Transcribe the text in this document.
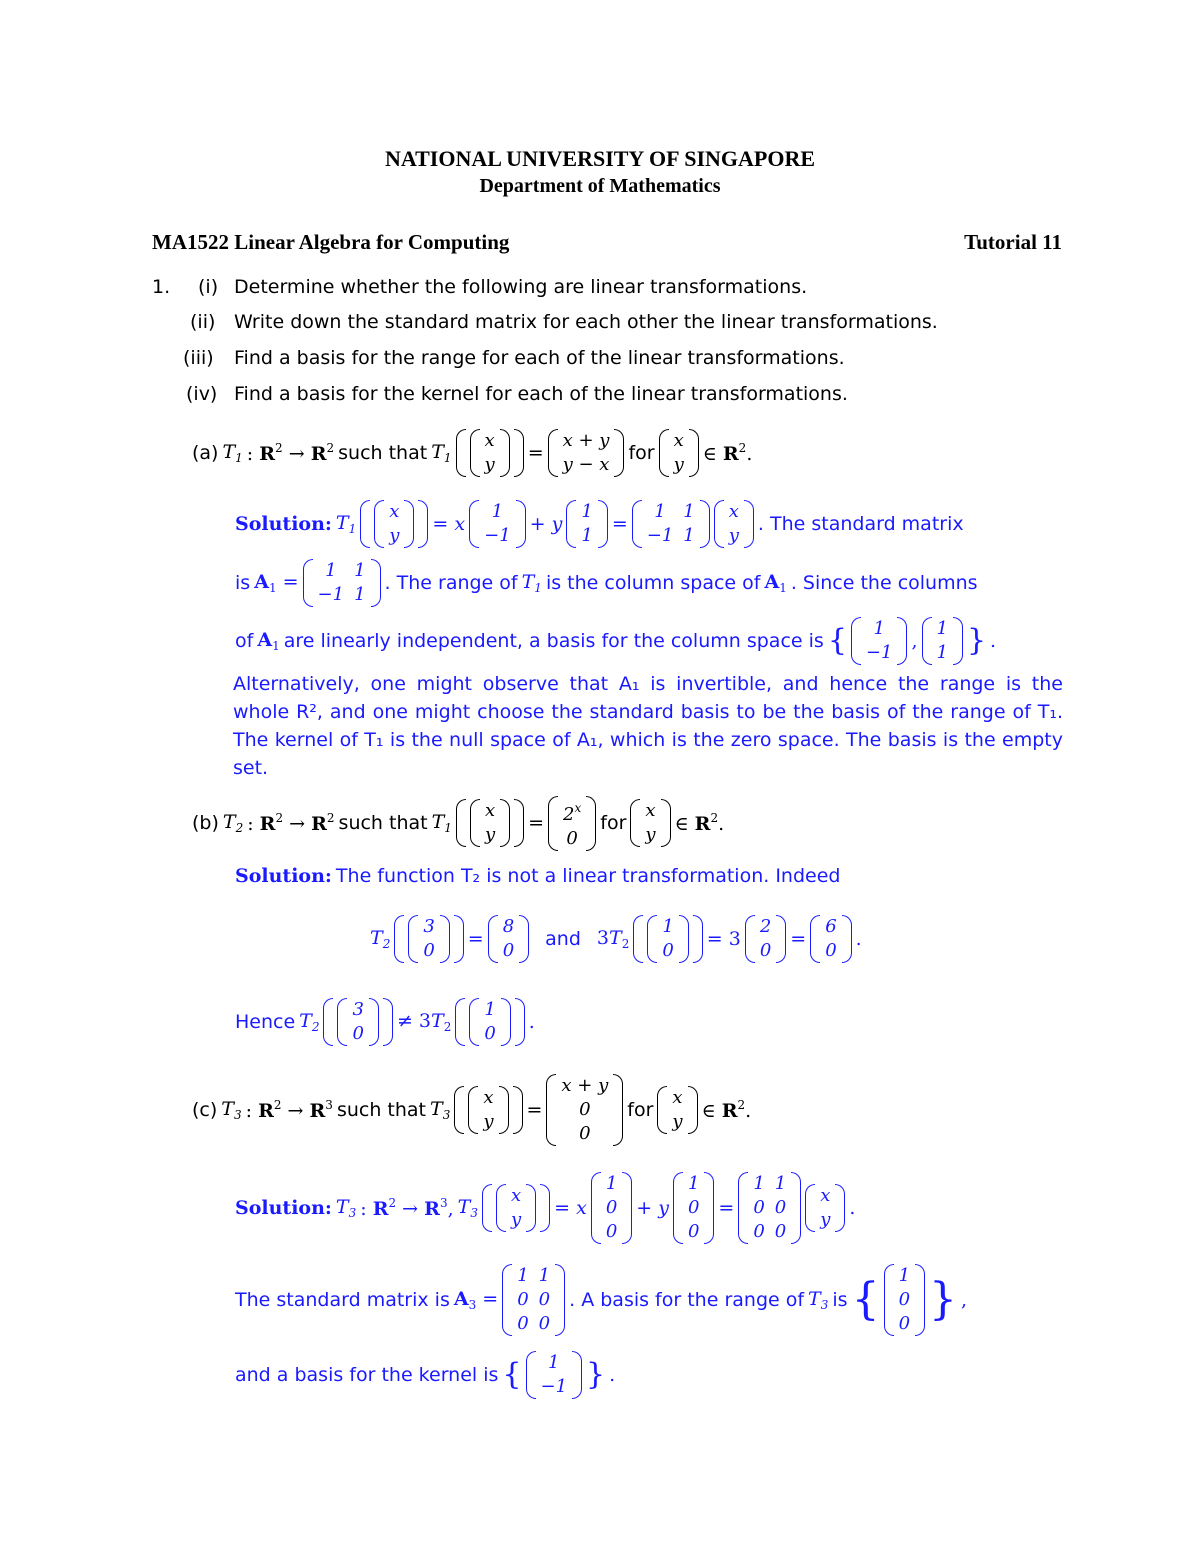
NATIONAL UNIVERSITY OF SINGAPORE
Department of Mathematics
MA1522 Linear Algebra for Computing	Tutorial 11
1. (i) Determine whether the following are linear transformations.
(ii) Write down the standard matrix for each other the linear transformations.
(iii) Find a basis for the range for each of the linear transformations.
(iv) Find a basis for the kernel for each of the linear transformations.
(a) $T_1$ : $R^2 \to R^2$ such that $T_1$
x
y
=
x + y
y − x
for
x
y ∈ $R^2$.
Solution: $T_1$
x
y
= x
1
−1
+ y
1
1
=
1	1
−1	1
x
y
. The standard matrix
is $A_1$ =
1	1
−1	1
. The range of $T_1$ is the column space of $A_1$ . Since the columns
of $A_1$ are linearly independent, a basis for the column space is { 1
−1
,
1
1 } .
Alternatively, one might observe that A₁ is invertible, and hence the range is the whole R², and one might choose the standard basis to be the basis of the range of T₁. The kernel of T₁ is the null space of A₁, which is the zero space. The basis is the empty set.
(b) $T_2$ : $R^2 \to R^2$ such that $T_1$
x
y
= $2^x$
0
for
x
y ∈ $R^2$.
Solution: The function T₂ is not a linear transformation. Indeed
$T_2$
3
0
=
8
0
and $3T_2$
1
0
= 3
2
0
=
6
0
.
Hence $T_2$
3
0
≠ $3T_2$
1
0
.
(c) $T_3$ : $R^2 \to R^3$ such that $T_3$
x
y
=
x + y
0
0
for
x
y ∈ $R^2$.
Solution: $T_3$ : $R^2 \to R^3$, $T_3$
x
y
= x
1
0
0
+ y
1
0
0
=
1	1
0	0
0	0
x
y
.
The standard matrix is $A_3$ =
1	1
0	0
0	0
. A basis for the range of $T_3$ is { 1
0
0 } ,
and a basis for the kernel is { 1
−1 } .
